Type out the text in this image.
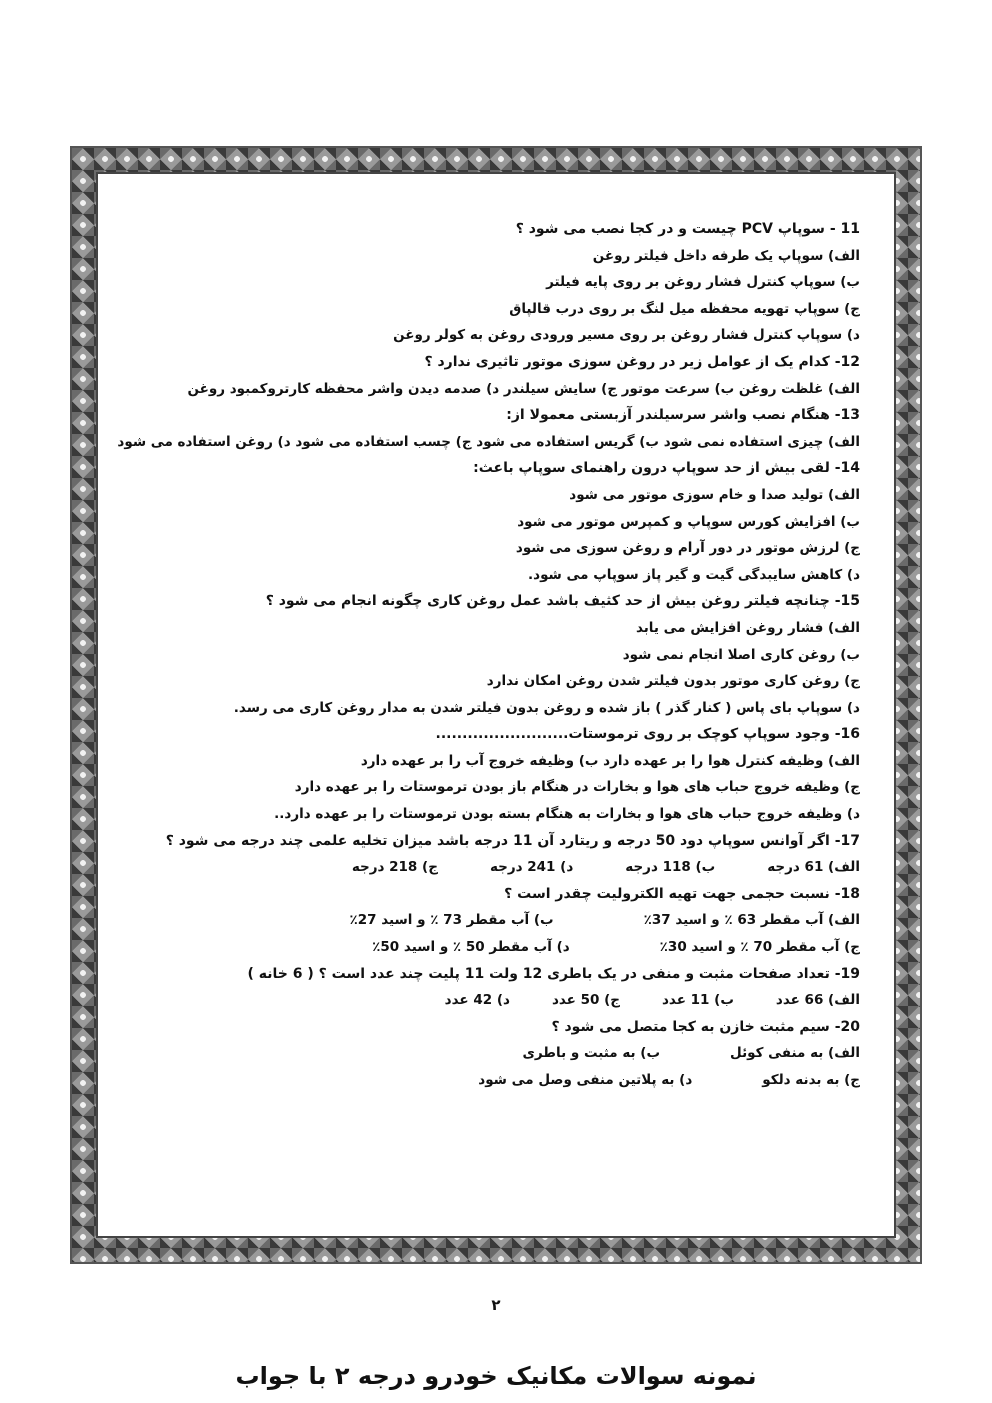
11 - سوپاپ PCV چیست و در کجا نصب می شود ؟
الف) سوپاپ یک طرفه داخل فیلتر روغن
ب) سوپاپ کنترل فشار روغن بر روی پایه فیلتر
ج) سوپاپ تهویه محفظه میل لنگ بر روی درب قالپاق
د) سوپاپ کنترل فشار روغن بر روی مسیر ورودی روغن به کولر روغن
12- کدام یک از عوامل زیر در روغن سوزی موتور تاثیری ندارد ؟
الف) غلظت روغن ب) سرعت موتور ج) سایش سیلندر د) صدمه دیدن واشر محفظه کارتروکمبود روغن
13- هنگام نصب واشر سرسیلندر آزبستی معمولا از:
الف) چیزی استفاده نمی شود ب) گریس استفاده می شود ج) چسب استفاده می شود د) روغن استفاده می شود
14- لقی بیش از حد سوپاپ درون راهنمای سوپاپ باعث:
الف) تولید صدا و خام سوزی موتور می شود
ب) افزایش کورس سوپاپ و کمپرس موتور می شود
ج) لرزش موتور در دور آرام و روغن سوزی می شود
د) کاهش سایبدگی گیت و گیر پاز سوپاپ می شود.
15- چنانچه فیلتر روغن بیش از حد کثیف باشد عمل روغن کاری چگونه انجام می شود ؟
الف) فشار روغن افزایش می یابد
ب) روغن کاری اصلا انجام نمی شود
ج) روغن کاری موتور بدون فیلتر شدن روغن امکان ندارد
د) سوپاپ بای پاس ( کنار گذر ) باز شده و روغن بدون فیلتر شدن به مدار روغن کاری می رسد.
16- وجود سوپاپ کوچک بر روی ترموستات.........................
الف) وظیفه کنترل هوا را بر عهده دارد ب) وظیفه خروج آب را بر عهده دارد
ج) وظیفه خروج حباب های هوا و بخارات در هنگام باز بودن ترموستات را بر عهده دارد
د) وظیفه خروج حباب های هوا و بخارات به هنگام بسته بودن ترموستات را بر عهده دارد..
17- اگر آوانس سوپاپ دود 50 درجه و ریتارد آن 11 درجه باشد میزان تخلیه علمی چند درجه می شود ؟
الف) 61 درجهب) 118 درجهد) 241 درجهج) 218 درجه
18- نسبت حجمی جهت تهیه الکترولیت چقدر است ؟
الف) آب مقطر 63 ٪ و اسید 37٪ب) آب مقطر 73 ٪ و اسید 27٪
ج) آب مقطر 70 ٪ و اسید 30٪د) آب مقطر 50 ٪ و اسید 50٪
19- تعداد صفحات مثبت و منفی در یک باطری 12 ولت 11 پلیت چند عدد است ؟ ( 6 خانه )
الف) 66 عددب) 11 عددج) 50 عددد) 42 عدد
20- سیم مثبت خازن به کجا متصل می شود ؟
الف) به منفی کوئلب) به مثبت و باطری
ج) به بدنه دلکود) به پلاتین منفی وصل می شود
۲
نمونه سوالات مکانیک خودرو درجه ۲ با جواب
